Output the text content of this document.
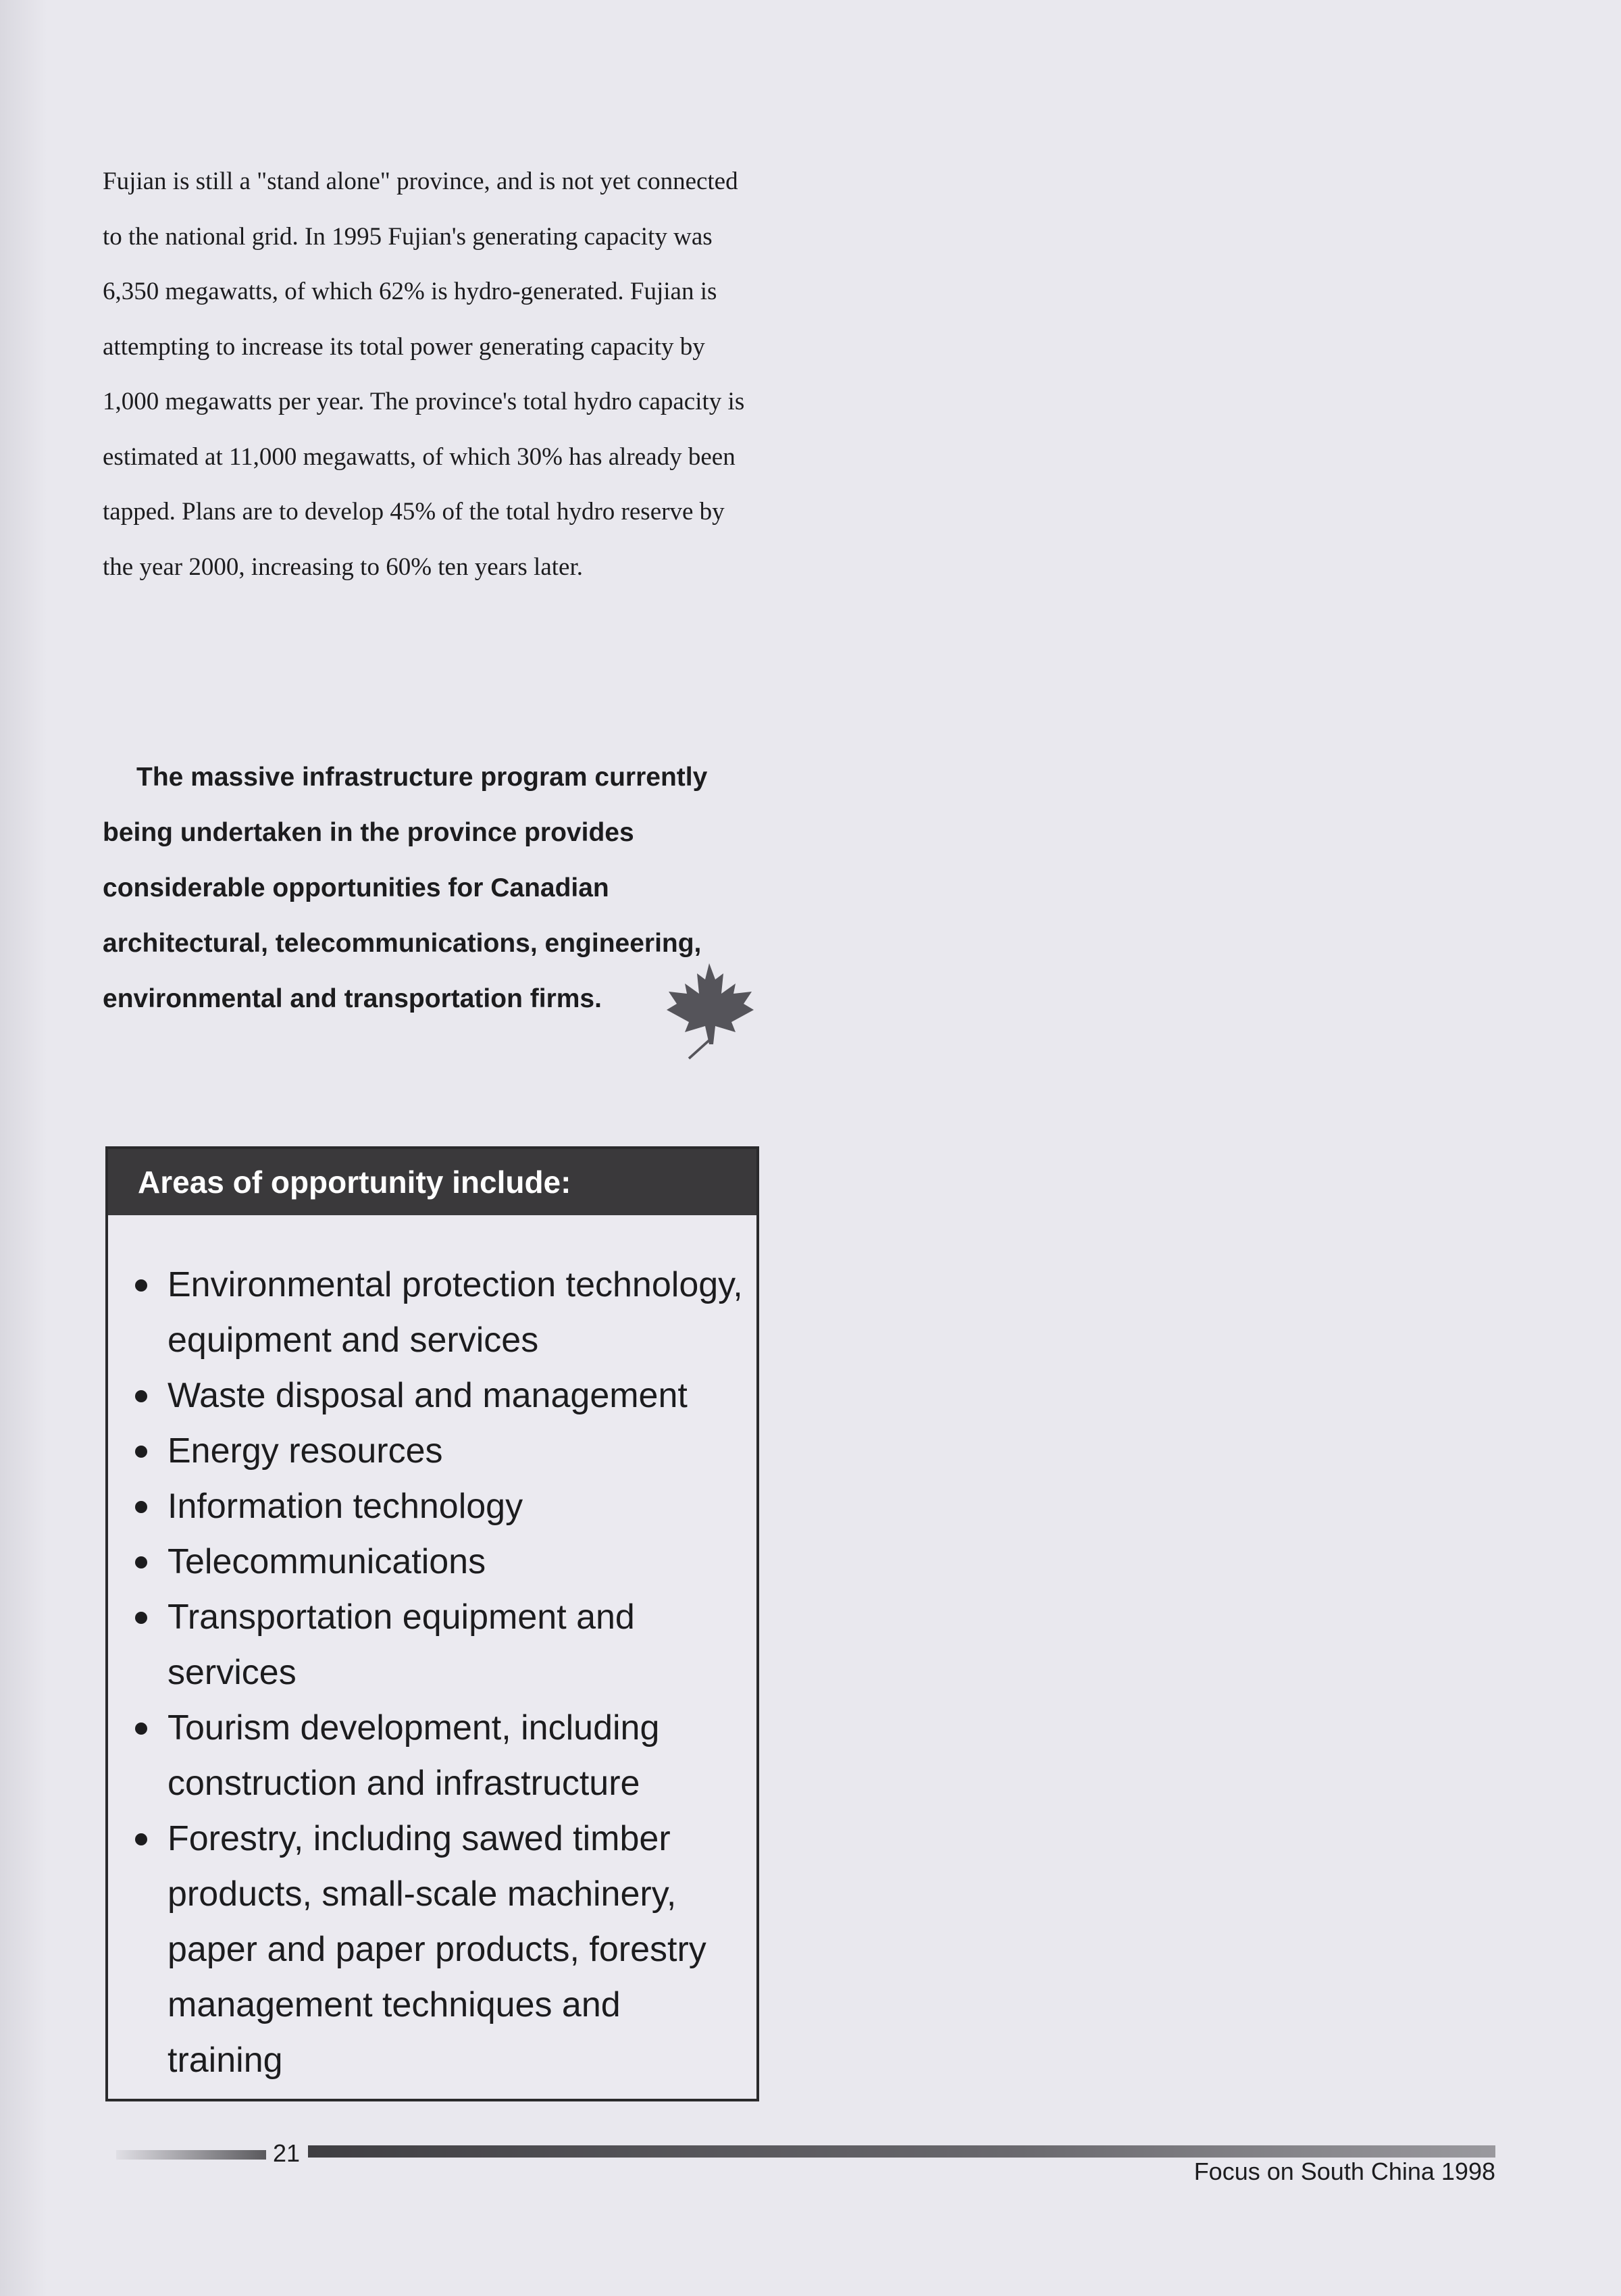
Fujian is still a "stand alone" province, and is not yet connected to the national grid. In 1995 Fujian's generating capacity was 6,350 megawatts, of which 62% is hydro-generated. Fujian is attempting to increase its total power generating capacity by 1,000 megawatts per year. The province's total hydro capacity is estimated at 11,000 megawatts, of which 30% has already been tapped. Plans are to develop 45% of the total hydro reserve by the year 2000, increasing to 60% ten years later.

The massive infrastructure program currently being undertaken in the province provides considerable opportunities for Canadian architectural, telecommunications, engineering, environmental and transportation firms.

Areas of opportunity include:
Environmental protection technology, equipment and services
Waste disposal and management
Energy resources
Information technology
Telecommunications
Transportation equipment and services
Tourism development, including construction and infrastructure
Forestry, including sawed timber products, small-scale machinery, paper and paper products, forestry management techniques and training
21
Focus on South China 1998
